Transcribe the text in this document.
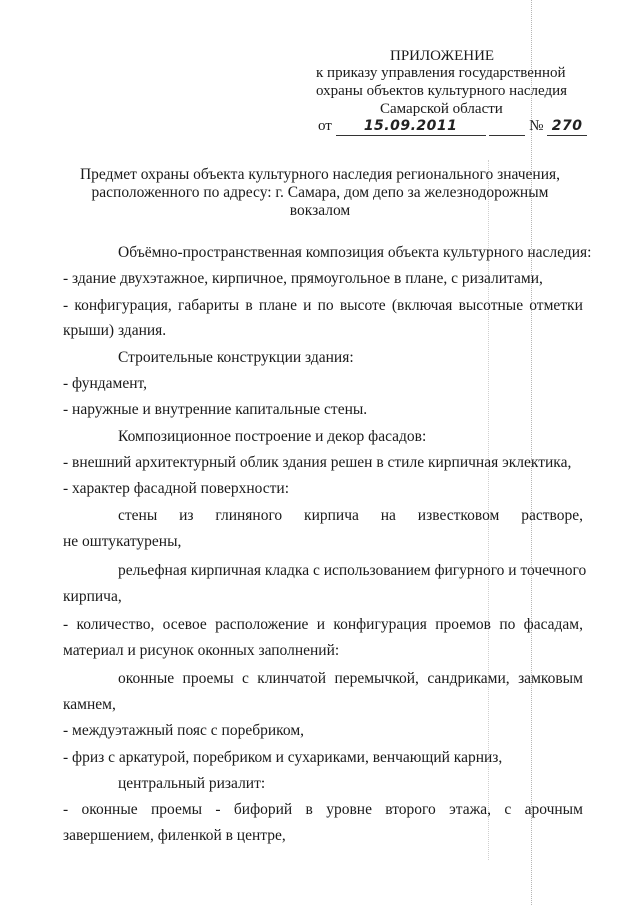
ПРИЛОЖЕНИЕ
к приказу управления государственной
охраны объектов культурного наследия
Самарской области
от 15.09.2011	№ 270
Предмет охраны объекта культурного наследия регионального значения,
расположенного по адресу: г. Самара, дом депо за железнодорожным
вокзалом
Объёмно-пространственная композиция объекта культурного наследия:
- здание двухэтажное, кирпичное, прямоугольное в плане, с ризалитами,
- конфигурация, габариты в плане и по высоте (включая высотные отметки
крыши) здания.
Строительные конструкции здания:
- фундамент,
- наружные и внутренние капитальные стены.
Композиционное построение и декор фасадов:
- внешний архитектурный облик здания решен в стиле кирпичная эклектика,
- характер фасадной поверхности:
стены из глиняного кирпича на известковом растворе,
не оштукатурены,
рельефная кирпичная кладка с использованием фигурного и точечного
кирпича,
- количество, осевое расположение и конфигурация проемов по фасадам,
материал и рисунок оконных заполнений:
оконные проемы с клинчатой перемычкой, сандриками, замковым
камнем,
- междуэтажный пояс с поребриком,
- фриз с аркатурой, поребриком и сухариками, венчающий карниз,
центральный ризалит:
- оконные проемы - бифорий в уровне второго этажа, с арочным
завершением, филенкой в центре,
